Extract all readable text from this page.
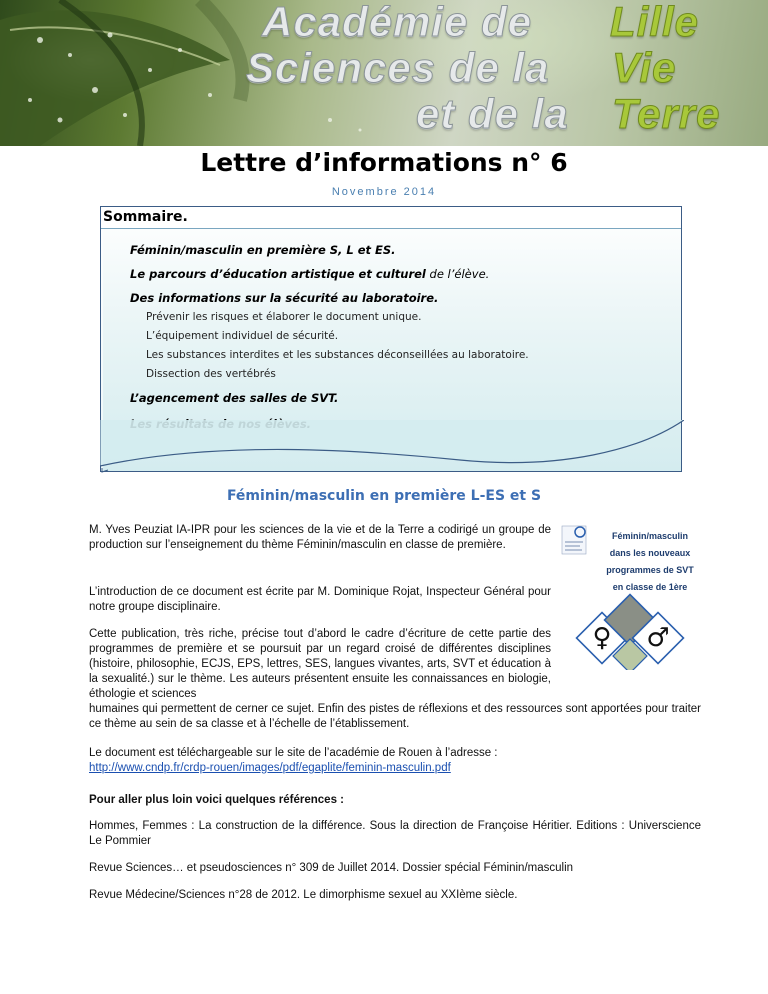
Académie de Lille
Sciences de la Vie
et de la Terre
Lettre d’informations n° 6
Novembre 2014
Sommaire.
Féminin/masculin en première S, L et ES.
Le parcours d’éducation artistique et culturel de l’élève.
Des informations sur la sécurité au laboratoire.
Prévenir les risques et élaborer le document unique.
L’équipement individuel de sécurité.
Les substances interdites et les substances déconseillées au laboratoire.
Dissection des vertébrés
L’agencement des salles de SVT.
Féminin/masculin en première L-ES et S
M. Yves Peuziat IA-IPR pour les sciences de la vie et de la Terre a codirigé un groupe de production sur l’enseignement du thème Féminin/masculin en classe de première.
L’introduction de ce document est écrite par M. Dominique Rojat, Inspecteur Général pour notre groupe disciplinaire.
Cette publication, très riche, précise tout d’abord le cadre d’écriture de cette partie des programmes de première et se poursuit par un regard croisé de différentes disciplines (histoire, philosophie, ECJS, EPS, lettres, SES, langues vivantes, arts, SVT et éducation à la sexualité.) sur le thème. Les auteurs présentent ensuite les connaissances en biologie, éthologie et sciences
humaines qui permettent de cerner ce sujet. Enfin des pistes de réflexions et des ressources sont apportées pour traiter ce thème au sein de sa classe et à l’échelle de l’établissement.
Le document est téléchargeable sur le site de l’académie de Rouen à l’adresse :
http://www.cndp.fr/crdp-rouen/images/pdf/egaplite/feminin-masculin.pdf
Pour aller plus loin voici quelques références :
Hommes, Femmes : La construction de la différence. Sous la direction de Françoise Héritier. Editions : Universcience Le Pommier
Revue Sciences… et pseudosciences n° 309 de Juillet 2014. Dossier spécial Féminin/masculin
Revue Médecine/Sciences n°28 de 2012. Le dimorphisme sexuel au XXIème siècle.
♀ ♂
Féminin/masculin
dans les nouveaux
programmes de SVT
en classe de 1ère
